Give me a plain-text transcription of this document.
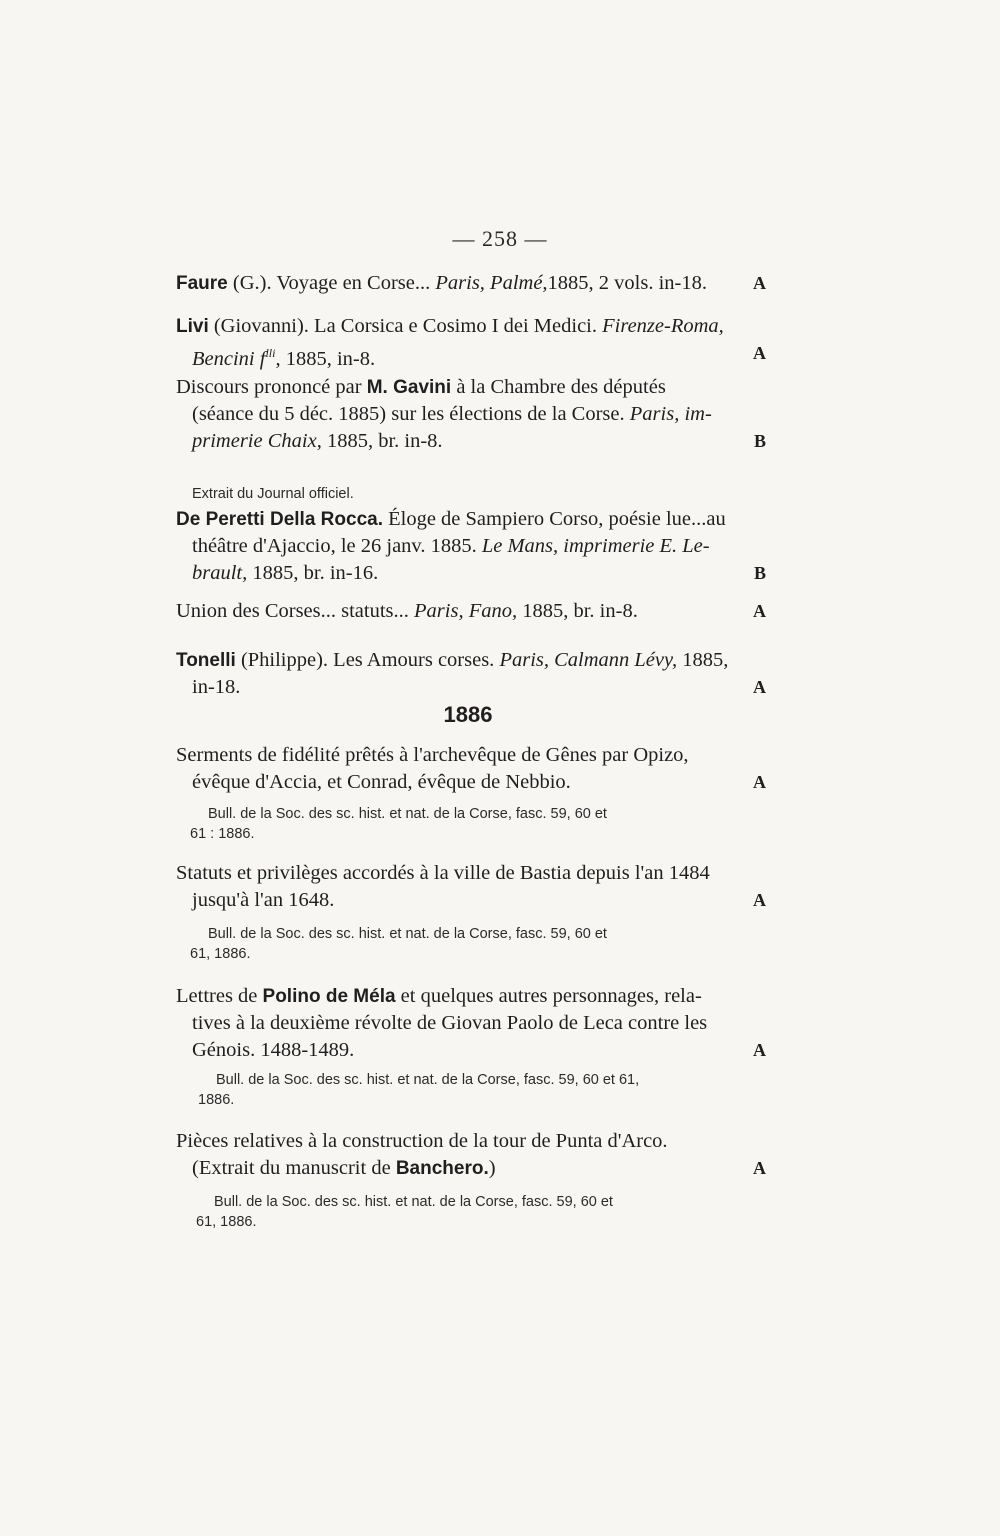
— 258 —
Faure (G.). Voyage en Corse... Paris, Palmé,1885, 2 vols. in-18.	A
Livi (Giovanni). La Corsica e Cosimo I dei Medici. Firenze-Roma,
Bencini $f^{lli}$, 1885, in-8.	A
Discours prononcé par M. Gavini à la Chambre des députés
(séance du 5 déc. 1885) sur les élections de la Corse. Paris, im-
primerie Chaix, 1885, br. in-8.	B
Extrait du Journal officiel.
De Peretti Della Rocca. Éloge de Sampiero Corso, poésie lue...au
théâtre d'Ajaccio, le 26 janv. 1885. Le Mans, imprimerie E. Le-
brault, 1885, br. in-16.	B
Union des Corses... statuts... Paris, Fano, 1885, br. in-8.	A
Tonelli (Philippe). Les Amours corses. Paris, Calmann Lévy, 1885,
in-18.	A
1886
Serments de fidélité prêtés à l'archevêque de Gênes par Opizo,
évêque d'Accia, et Conrad, évêque de Nebbio.	A
Bull. de la Soc. des sc. hist. et nat. de la Corse, fasc. 59, 60 et
61 : 1886.
Statuts et privilèges accordés à la ville de Bastia depuis l'an 1484
jusqu'à l'an 1648.	A
Bull. de la Soc. des sc. hist. et nat. de la Corse, fasc. 59, 60 et
61, 1886.
Lettres de Polino de Méla et quelques autres personnages, rela-
tives à la deuxième révolte de Giovan Paolo de Leca contre les
Génois. 1488-1489.	A
Bull. de la Soc. des sc. hist. et nat. de la Corse, fasc. 59, 60 et 61,
1886.
Pièces relatives à la construction de la tour de Punta d'Arco.
(Extrait du manuscrit de Banchero.)	A
Bull. de la Soc. des sc. hist. et nat. de la Corse, fasc. 59, 60 et
61, 1886.
